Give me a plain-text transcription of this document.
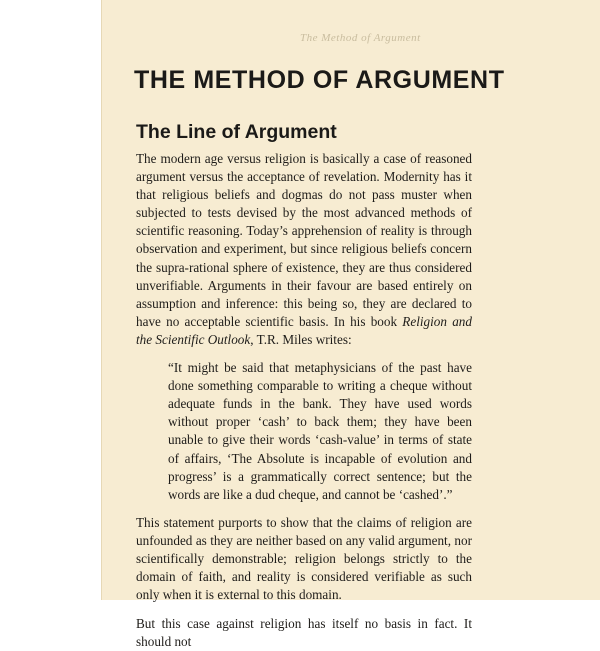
The Method of Argument
THE METHOD OF ARGUMENT
The Line of Argument

The modern age versus religion is basically a case of reasoned argument versus the acceptance of revelation. Modernity has it that religious beliefs and dogmas do not pass muster when subjected to tests devised by the most advanced methods of scientific reasoning. Today’s apprehension of reality is through observation and experiment, but since religious beliefs concern the supra-rational sphere of existence, they are thus considered unverifiable. Arguments in their favour are based entirely on assumption and inference: this being so, they are declared to have no acceptable scientific basis. In his book Religion and the Scientific Outlook, T.R. Miles writes:

“It might be said that metaphysicians of the past have done something comparable to writing a cheque without adequate funds in the bank. They have used words without proper ‘cash’ to back them; they have been unable to give their words ‘cash-value’ in terms of state of affairs, ‘The Absolute is incapable of evolution and progress’ is a grammatically correct sentence; but the words are like a dud cheque, and cannot be ‘cashed’.”

This statement purports to show that the claims of religion are unfounded as they are neither based on any valid argument, nor scientifically demonstrable; religion belongs strictly to the domain of faith, and reality is considered verifiable as such only when it is external to this domain.

But this case against religion has itself no basis in fact. It should not
